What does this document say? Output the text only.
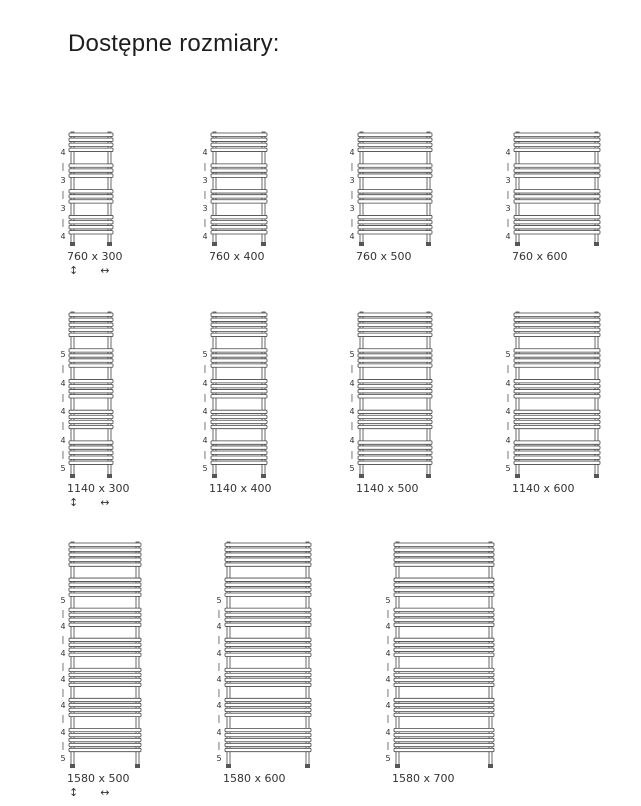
Dostępne rozmiary:
4
|
3
|
3
|
4
760 x 300
↕ ↔
4
|
3
|
3
|
4
760 x 400
4
|
3
|
3
|
4
760 x 500
4
|
3
|
3
|
4
760 x 600
5
|
4
|
4
|
4
|
5
1140 x 300
↕ ↔
5
|
4
|
4
|
4
|
5
1140 x 400
5
|
4
|
4
|
4
|
5
1140 x 500
5
|
4
|
4
|
4
|
5
1140 x 600
5
|
4
|
4
|
4
|
4
|
4
|
5
1580 x 500
↕ ↔
5
|
4
|
4
|
4
|
4
|
4
|
5
1580 x 600
5
|
4
|
4
|
4
|
4
|
4
|
5
1580 x 700
